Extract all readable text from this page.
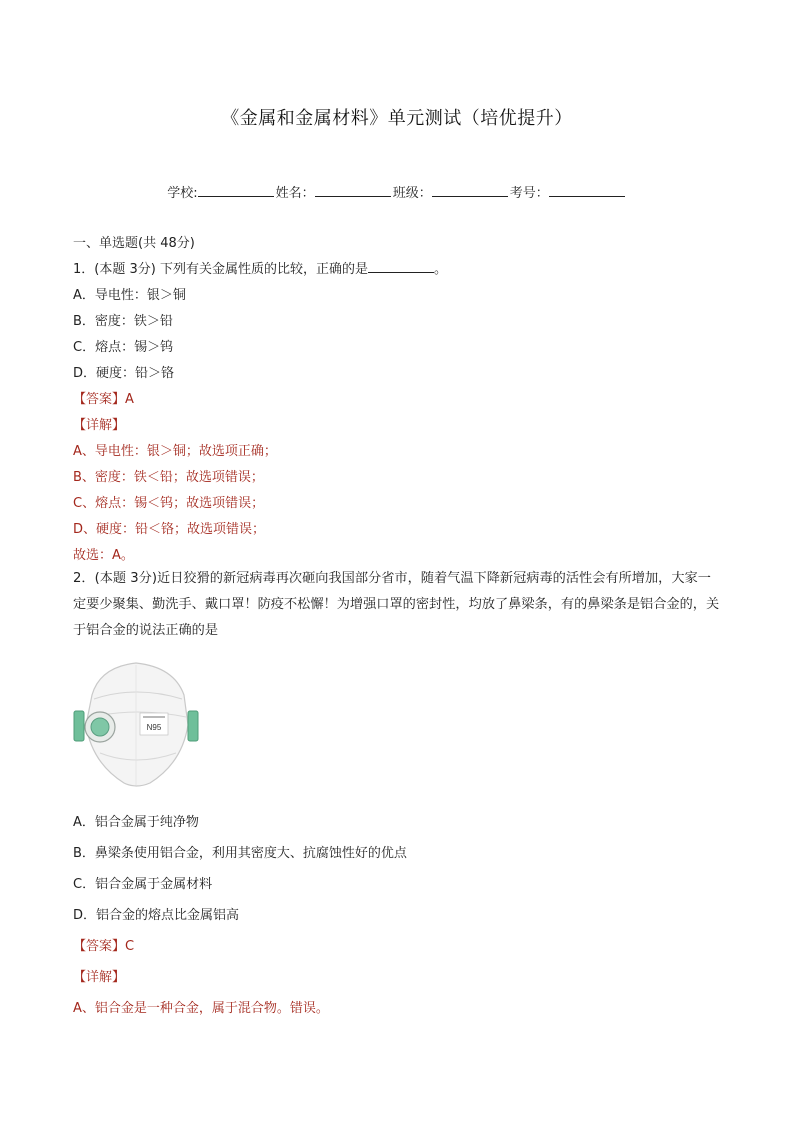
《金属和金属材料》单元测试（培优提升）
学校:	姓名：	班级：	考号：
一、单选题(共 48分)
1．(本题 3分) 下列有关金属性质的比较，正确的是	。
A．导电性：银＞铜
B．密度：铁＞铅
C．熔点：锡＞钨
D．硬度：铅＞铬
【答案】A
【详解】
A、导电性：银＞铜；故选项正确；
B、密度：铁＜铅；故选项错误；
C、熔点：锡＜钨；故选项错误；
D、硬度：铅＜铬；故选项错误；
故选：A。
2．(本题 3分)近日狡猾的新冠病毒再次砸向我国部分省市，随着气温下降新冠病毒的活性会有所增加，大家一定要少聚集、勤洗手、戴口罩！防疫不松懈！为增强口罩的密封性，均放了鼻梁条，有的鼻梁条是铝合金的，关于铝合金的说法正确的是
N95
A．铝合金属于纯净物
B．鼻梁条使用铝合金，利用其密度大、抗腐蚀性好的优点
C．铝合金属于金属材料
D．铝合金的熔点比金属铝高
【答案】C
【详解】
A、铝合金是一种合金，属于混合物。错误。
